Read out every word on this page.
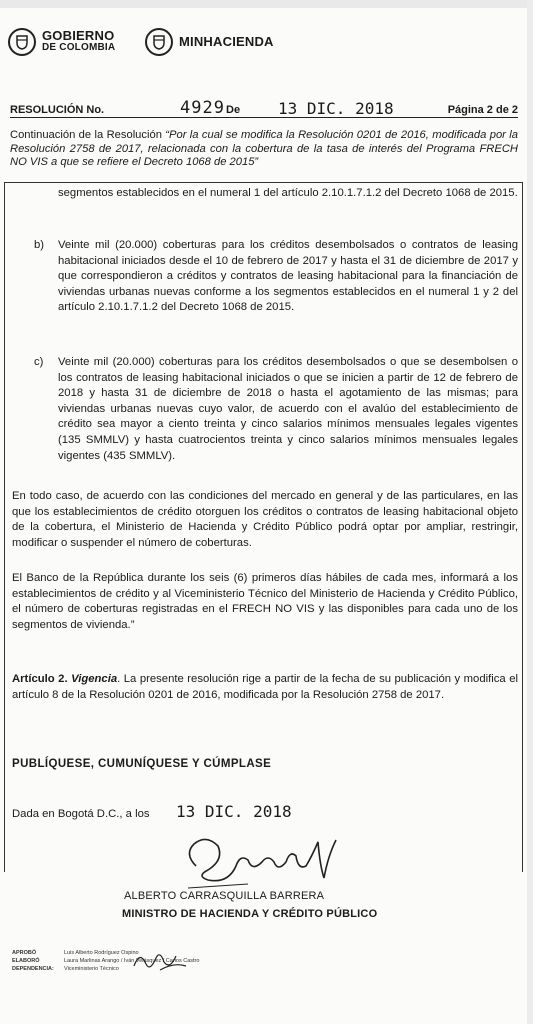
GOBIERNO
DE COLOMBIA	MINHACIENDA
RESOLUCIÓN No.	4929 De 13 DIC. 2018	Página 2 de 2
Continuación de la Resolución “Por la cual se modifica la Resolución 0201 de 2016, modificada por la Resolución 2758 de 2017, relacionada con la cobertura de la tasa de interés del Programa FRECH NO VIS a que se refiere el Decreto 1068 de 2015”
segmentos establecidos en el numeral 1 del artículo 2.10.1.7.1.2 del Decreto 1068 de 2015.
b)	Veinte mil (20.000) coberturas para los créditos desembolsados o contratos de leasing habitacional iniciados desde el 10 de febrero de 2017 y hasta el 31 de diciembre de 2017 y que correspondieron a créditos y contratos de leasing habitacional para la financiación de viviendas urbanas nuevas conforme a los segmentos establecidos en el numeral 1 y 2 del artículo 2.10.1.7.1.2 del Decreto 1068 de 2015.
c)	Veinte mil (20.000) coberturas para los créditos desembolsados o que se desembolsen o los contratos de leasing habitacional iniciados o que se inicien a partir de 12 de febrero de 2018 y hasta 31 de diciembre de 2018 o hasta el agotamiento de las mismas; para viviendas urbanas nuevas cuyo valor, de acuerdo con el avalúo del establecimiento de crédito sea mayor a ciento treinta y cinco salarios mínimos mensuales legales vigentes (135 SMMLV) y hasta cuatrocientos treinta y cinco salarios mínimos mensuales legales vigentes (435 SMMLV).
En todo caso, de acuerdo con las condiciones del mercado en general y de las particulares, en las que los establecimientos de crédito otorguen los créditos o contratos de leasing habitacional objeto de la cobertura, el Ministerio de Hacienda y Crédito Público podrá optar por ampliar, restringir, modificar o suspender el número de coberturas.
El Banco de la República durante los seis (6) primeros días hábiles de cada mes, informará a los establecimientos de crédito y al Viceministerio Técnico del Ministerio de Hacienda y Crédito Público, el número de coberturas registradas en el FRECH NO VIS y las disponibles para cada uno de los segmentos de vivienda.”
Artículo 2. Vigencia. La presente resolución rige a partir de la fecha de su publicación y modifica el artículo 8 de la Resolución 0201 de 2016, modificada por la Resolución 2758 de 2017.
PUBLÍQUESE, CUMUNÍQUESE Y CÚMPLASE
Dada en Bogotá D.C., a los 13 DIC. 2018
ALBERTO CARRASQUILLA BARRERA
MINISTRO DE HACIENDA Y CRÉDITO PÚBLICO
APROBÓ	Luis Alberto Rodríguez Ospino
ELABORÓ	Laura Marlinas Arango / Iván Velásquez / Carlos Castro
DEPENDENCIA: Viceministerio Técnico
